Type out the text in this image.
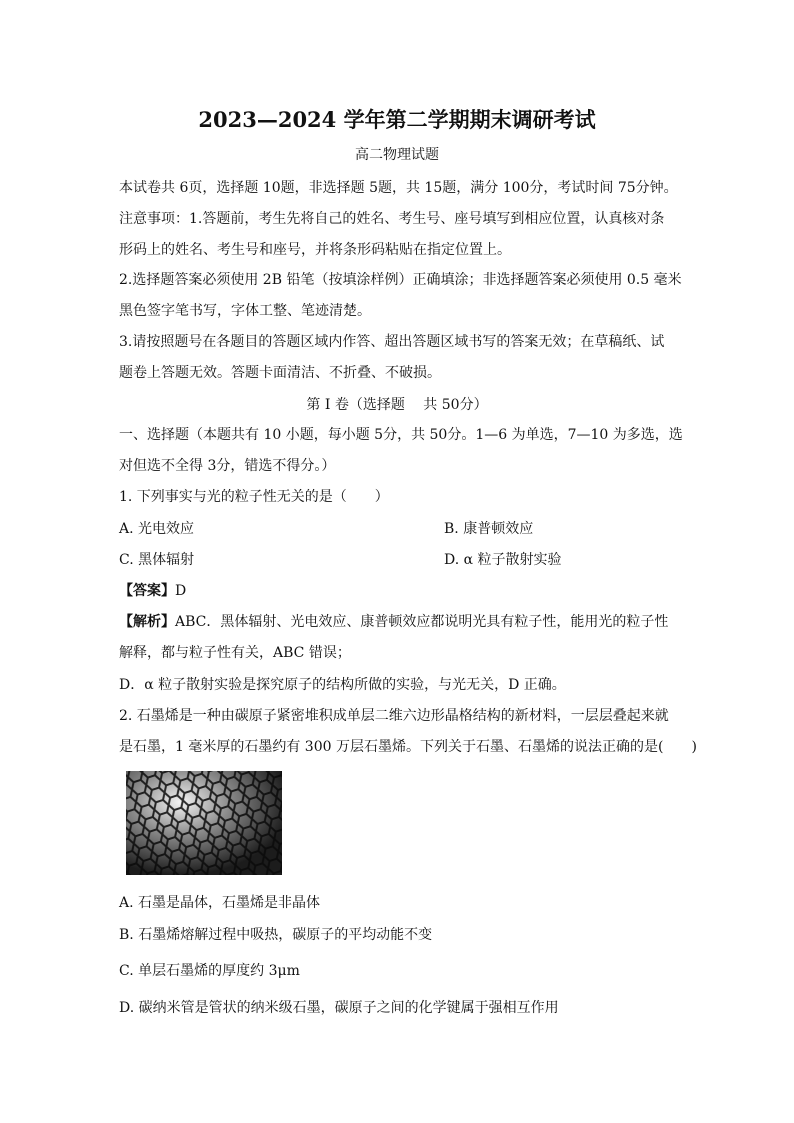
2023—2024 学年第二学期期末调研考试
高二物理试题
本试卷共 6页，选择题 10题，非选择题 5题，共 15题，满分 100分，考试时间 75分钟。
注意事项：1.答题前，考生先将自己的姓名、考生号、座号填写到相应位置，认真核对条
形码上的姓名、考生号和座号，并将条形码粘贴在指定位置上。
2.选择题答案必须使用 2B 铅笔（按填涂样例）正确填涂；非选择题答案必须使用 0.5 毫米
黑色签字笔书写，字体工整、笔迹清楚。
3.请按照题号在各题目的答题区域内作答、超出答题区域书写的答案无效；在草稿纸、试
题卷上答题无效。答题卡面清洁、不折叠、不破损。
第 I 卷（选择题　 共 50分）
一、选择题（本题共有 10 小题，每小题 5分，共 50分。1—6 为单选，7—10 为多选，选
对但选不全得 3分，错选不得分。）
1. 下列事实与光的粒子性无关的是（　　）
A. 光电效应	B. 康普顿效应
C. 黑体辐射	D. α 粒子散射实验
【答案】D
【解析】ABC．黑体辐射、光电效应、康普顿效应都说明光具有粒子性，能用光的粒子性
解释，都与粒子性有关，ABC 错误；
D．α 粒子散射实验是探究原子的结构所做的实验，与光无关，D 正确。
2. 石墨烯是一种由碳原子紧密堆积成单层二维六边形晶格结构的新材料，一层层叠起来就
是石墨，1 毫米厚的石墨约有 300 万层石墨烯。下列关于石墨、石墨烯的说法正确的是(　　)
A. 石墨是晶体，石墨烯是非晶体
B. 石墨烯熔解过程中吸热，碳原子的平均动能不变
C. 单层石墨烯的厚度约 3μm
D. 碳纳米管是管状的纳米级石墨，碳原子之间的化学键属于强相互作用
